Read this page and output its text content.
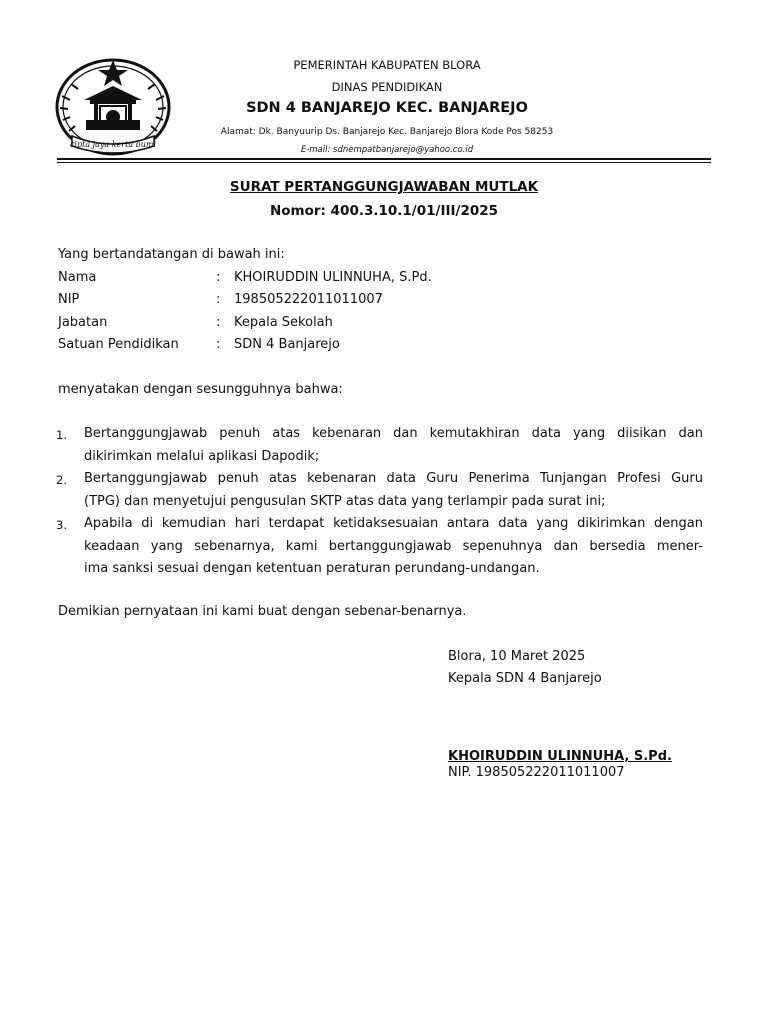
cipta jaya kerta bumi
PEMERINTAH KABUPATEN BLORA
DINAS PENDIDIKAN
SDN 4 BANJAREJO KEC. BANJAREJO
Alamat: Dk. Banyuurip Ds. Banjarejo Kec. Banjarejo Blora Kode Pos 58253
E-mail: sdnempatbanjarejo@yahoo.co.id
SURAT PERTANGGUNGJAWABAN MUTLAK
Nomor: 400.3.10.1/01/III/2025
Yang bertandatangan di bawah ini:
Nama	: KHOIRUDDIN ULINNUHA, S.Pd.
NIP	: 198505222011011007
Jabatan	: Kepala Sekolah
Satuan Pendidikan	: SDN 4 Banjarejo
menyatakan dengan sesungguhnya bahwa:
1. Bertanggungjawab penuh atas kebenaran dan kemutakhiran data yang diisikan dan
dikirimkan melalui aplikasi Dapodik;
2. Bertanggungjawab penuh atas kebenaran data Guru Penerima Tunjangan Profesi Guru
(TPG) dan menyetujui pengusulan SKTP atas data yang terlampir pada surat ini;
3. Apabila di kemudian hari terdapat ketidaksesuaian antara data yang dikirimkan dengan
keadaan yang sebenarnya, kami bertanggungjawab sepenuhnya dan bersedia mener-
ima sanksi sesuai dengan ketentuan peraturan perundang-undangan.
Demikian pernyataan ini kami buat dengan sebenar-benarnya.
Blora, 10 Maret 2025
Kepala SDN 4 Banjarejo
KHOIRUDDIN ULINNUHA, S.Pd.
NIP. 198505222011011007
